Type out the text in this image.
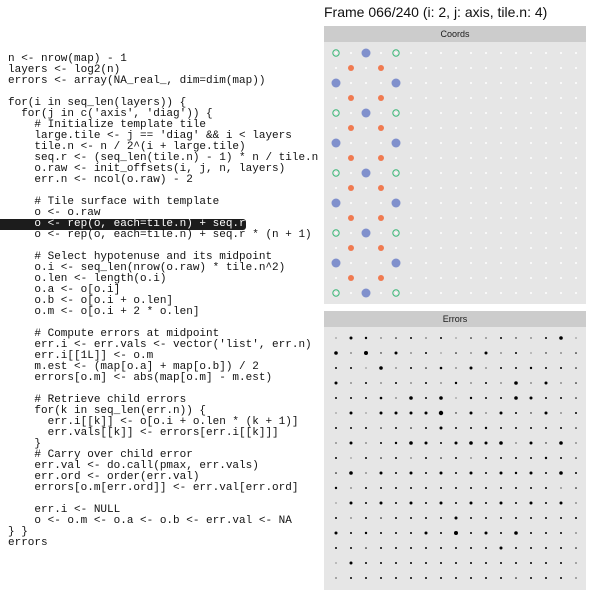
n <- nrow(map) - 1
layers <- log2(n)
errors <- array(NA_real_, dim=dim(map))
for(i in seq_len(layers)) {
for(j in c('axis', 'diag')) {
# Initialize template tile
large.tile <- j == 'diag' && i < layers
tile.n <- n / 2^(i + large.tile)
seq.r <- (seq_len(tile.n) - 1) * n / tile.n
o.raw <- init_offsets(i, j, n, layers)
err.n <- ncol(o.raw) - 2
# Tile surface with template
o <- o.raw
o <- rep(o, each=tile.n) + seq.r
o <- rep(o, each=tile.n) + seq.r * (n + 1)
# Select hypotenuse and its midpoint
o.i <- seq_len(nrow(o.raw) * tile.n^2)
o.len <- length(o.i)
o.a <- o[o.i]
o.b <- o[o.i + o.len]
o.m <- o[o.i + 2 * o.len]
# Compute errors at midpoint
err.i <- err.vals <- vector('list', err.n)
err.i[[1L]] <- o.m
m.est <- (map[o.a] + map[o.b]) / 2
errors[o.m] <- abs(map[o.m] - m.est)
# Retrieve child errors
for(k in seq_len(err.n)) {
err.i[[k]] <- o[o.i + o.len * (k + 1)]
err.vals[[k]] <- errors[err.i[[k]]]
}
# Carry over child error
err.val <- do.call(pmax, err.vals)
err.ord <- order(err.val)
errors[o.m[err.ord]] <- err.val[err.ord]
err.i <- NULL
o <- o.m <- o.a <- o.b <- err.val <- NA
} }
errors
Frame 066/240 (i: 2, j: axis, tile.n: 4)
Coords
Errors
